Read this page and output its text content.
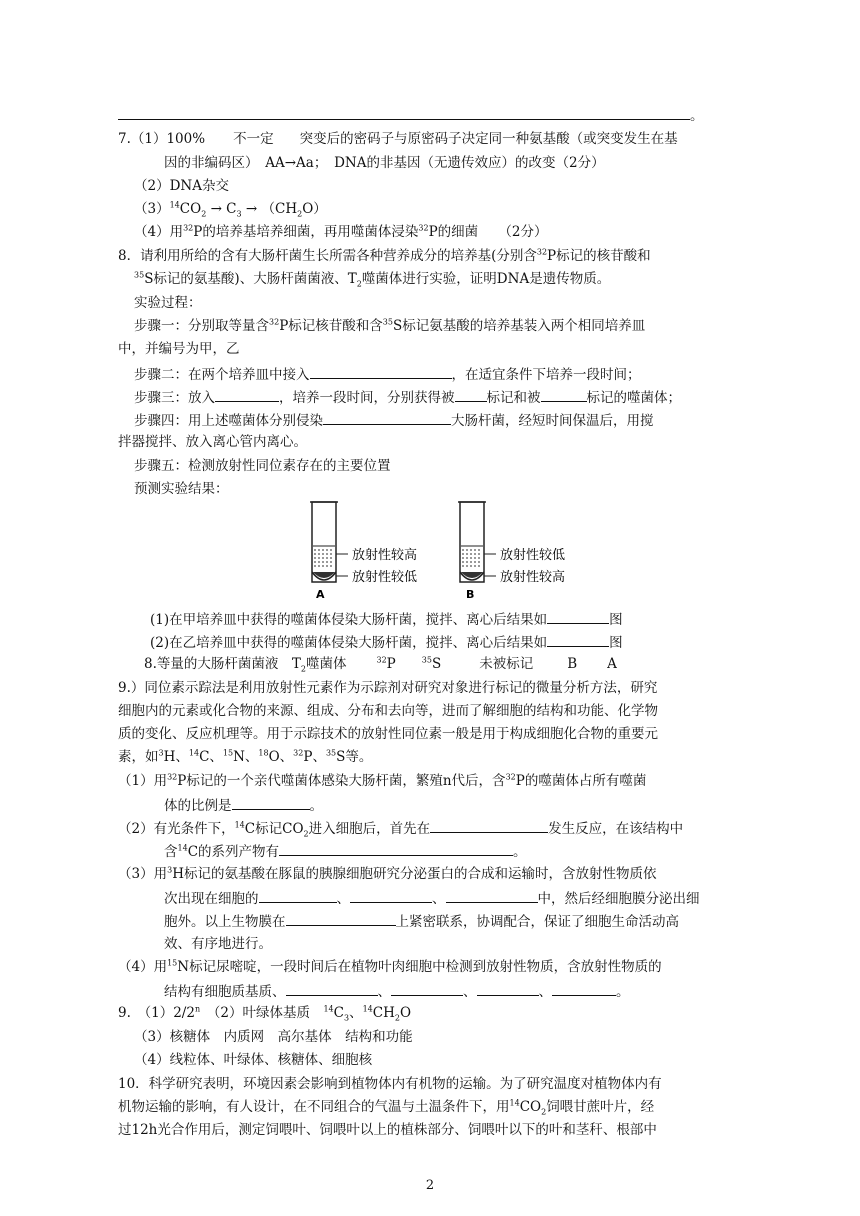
。
7.（1）100% 不一定 突变后的密码子与原密码子决定同一种氨基酸（或突变发生在基
因的非编码区）　AA→Aa；　DNA的非基因（无遗传效应）的改变（2分）
（2）DNA杂交
$(3)^{14}CO_2 \to C_3 \to (CH_2O)$
（4）用$^{32}$P的培养基培养细菌，再用噬菌体浸染$^{32}$P的细菌　　（2分）
8．请利用所给的含有大肠杆菌生长所需各种营养成分的培养基(分别含$^{32}$P标记的核苷酸和
$^{35}$S标记的氨基酸)、大肠杆菌菌液、$T_2$噬菌体进行实验，证明DNA是遗传物质。
实验过程：
步骤一：分别取等量含$^{32}$P标记核苷酸和含$^{35}$S标记氨基酸的培养基装入两个相同培养皿
中，并编号为甲，乙
步骤二：在两个培养皿中接入	，在适宜条件下培养一段时间；
步骤三：放入	，培养一段时间，分别获得被 标记和被	标记的噬菌体；
步骤四：用上述噬菌体分别侵染	大肠杆菌，经短时间保温后，用搅
拌器搅拌、放入离心管内离心。
步骤五：检测放射性同位素存在的主要位置
预测实验结果：
放射性较高
放射性较低
A
放射性较低
放射性较高
B
(1)在甲培养皿中获得的噬菌体侵染大肠杆菌，搅拌、离心后结果如	图
(2)在乙培养皿中获得的噬菌体侵染大肠杆菌，搅拌、离心后结果如	图
8.等量的大肠杆菌菌液　$T_2$噬菌体	$^{32}$P	$^{35}$S	未被标记	B A
9.）同位素示踪法是利用放射性元素作为示踪剂对研究对象进行标记的微量分析方法，研究
细胞内的元素或化合物的来源、组成、分布和去向等，进而了解细胞的结构和功能、化学物
质的变化、反应机理等。用于示踪技术的放射性同位素一般是用于构成细胞化合物的重要元
素，如$^3$H、$^{14}$C、$^{15}$N、$^{18}$O、$^{32}$P、$^{35}$S等。
（1）用$^{32}$P标记的一个亲代噬菌体感染大肠杆菌，繁殖n代后，含$^{32}$P的噬菌体占所有噬菌
体的比例是	。
（2）有光条件下，$^{14}$C标记$CO_2$进入细胞后，首先在	发生反应，在该结构中
含$^{14}$C的系列产物有	。
（3）用$^3$H标记的氨基酸在豚鼠的胰腺细胞研究分泌蛋白的合成和运输时，含放射性物质依
次出现在细胞的	、	、	中，然后经细胞膜分泌出细
胞外。以上生物膜在	上紧密联系，协调配合，保证了细胞生命活动高
效、有序地进行。
（4）用$^{15}$N标记尿嘧啶，一段时间后在植物叶肉细胞中检测到放射性物质，含放射性物质的
结构有细胞质基质、	、	、	、	。
9.　（1）2/2$^n$　（2）叶绿体基质　$^{14}C_3$、$^{14}CH_2O$
（3）核糖体　内质网　高尔基体　结构和功能
（4）线粒体、叶绿体、核糖体、细胞核
10．科学研究表明，环境因素会影响到植物体内有机物的运输。为了研究温度对植物体内有
机物运输的影响，有人设计，在不同组合的气温与土温条件下，用$^{14}CO_2$饲喂甘蔗叶片，经
过12h光合作用后，测定饲喂叶、饲喂叶以上的植株部分、饲喂叶以下的叶和茎秆、根部中
2
